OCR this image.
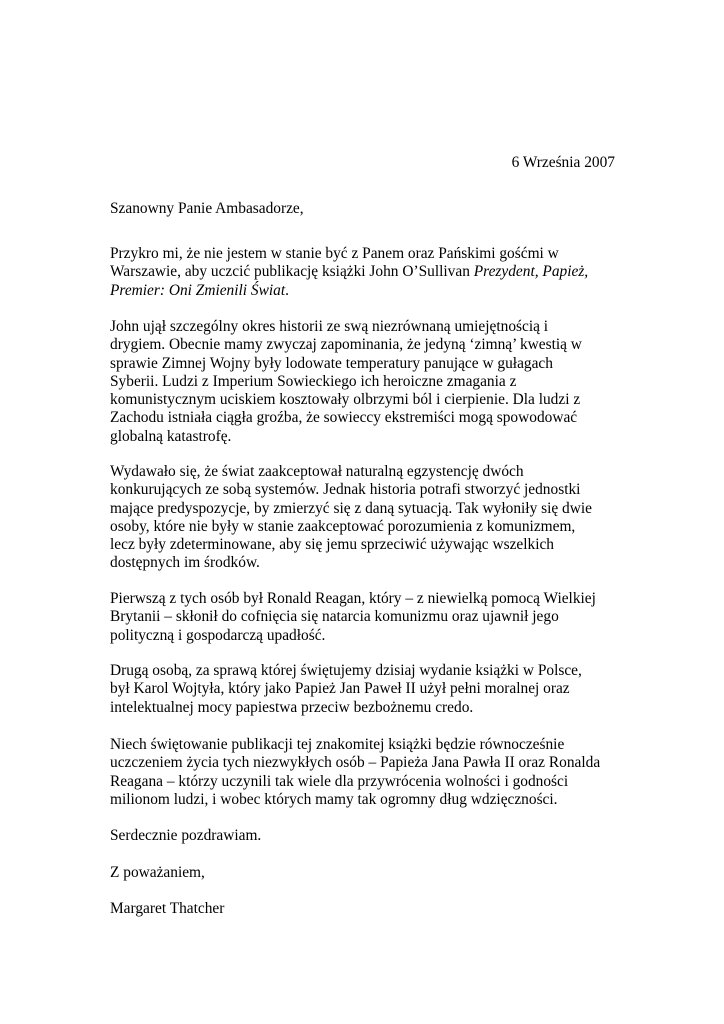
6 Września 2007

Szanowny Panie Ambasadorze,

Przykro mi, że nie jestem w stanie być z Panem oraz Pańskimi gośćmi w
Warszawie, aby uczcić publikację książki John O’Sullivan Prezydent, Papież,
Premier: Oni Zmienili Świat.

John ujął szczególny okres historii ze swą niezrównaną umiejętnością i
drygiem. Obecnie mamy zwyczaj zapominania, że jedyną ‘zimną’ kwestią w
sprawie Zimnej Wojny były lodowate temperatury panujące w gułagach
Syberii. Ludzi z Imperium Sowieckiego ich heroiczne zmagania z
komunistycznym uciskiem kosztowały olbrzymi ból i cierpienie. Dla ludzi z
Zachodu istniała ciągła groźba, że sowieccy ekstremiści mogą spowodować
globalną katastrofę.

Wydawało się, że świat zaakceptował naturalną egzystencję dwóch
konkurujących ze sobą systemów. Jednak historia potrafi stworzyć jednostki
mające predyspozycje, by zmierzyć się z daną sytuacją. Tak wyłoniły się dwie
osoby, które nie były w stanie zaakceptować porozumienia z komunizmem,
lecz były zdeterminowane, aby się jemu sprzeciwić używając wszelkich
dostępnych im środków.

Pierwszą z tych osób był Ronald Reagan, który – z niewielką pomocą Wielkiej
Brytanii – skłonił do cofnięcia się natarcia komunizmu oraz ujawnił jego
polityczną i gospodarczą upadłość.

Drugą osobą, za sprawą której świętujemy dzisiaj wydanie książki w Polsce,
był Karol Wojtyła, który jako Papież Jan Paweł II użył pełni moralnej oraz
intelektualnej mocy papiestwa przeciw bezbożnemu credo.

Niech świętowanie publikacji tej znakomitej książki będzie równocześnie
uczczeniem życia tych niezwykłych osób – Papieża Jana Pawła II oraz Ronalda
Reagana – którzy uczynili tak wiele dla przywrócenia wolności i godności
milionom ludzi, i wobec których mamy tak ogromny dług wdzięczności.

Serdecznie pozdrawiam.

Z poważaniem,

Margaret Thatcher
